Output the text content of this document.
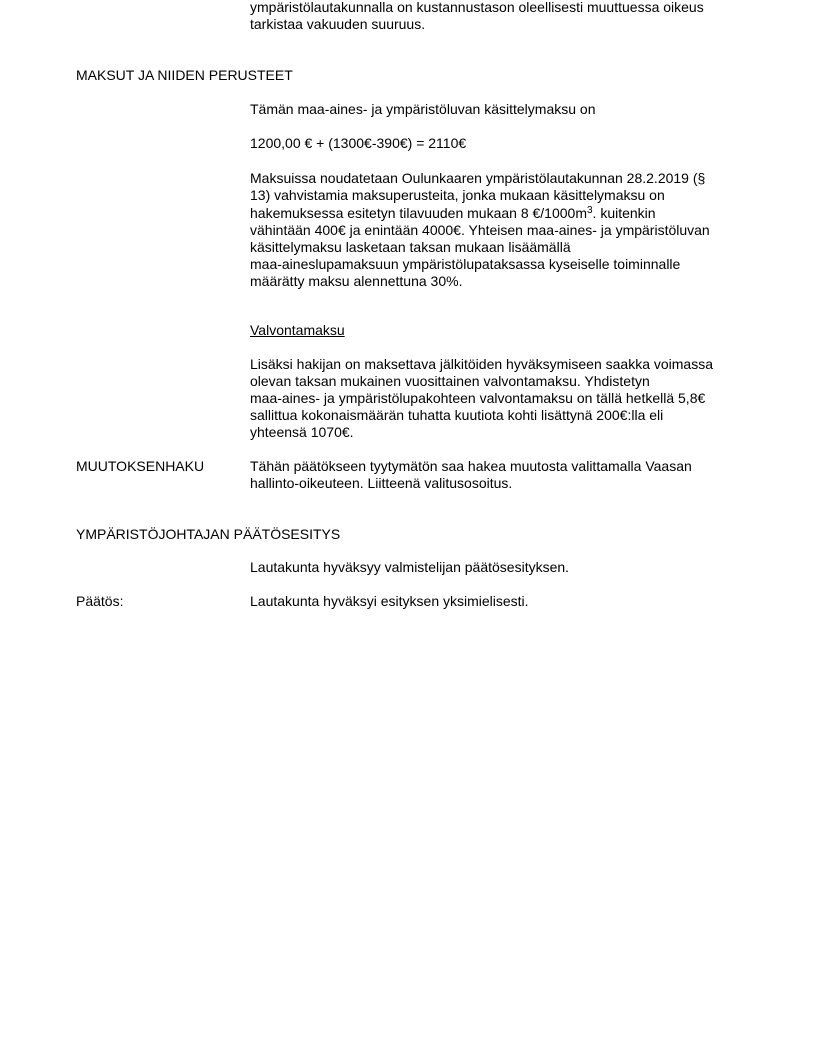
ympäristölautakunnalla on kustannustason oleellisesti muuttuessa oikeus
tarkistaa vakuuden suuruus.
MAKSUT JA NIIDEN PERUSTEET
Tämän maa-aines- ja ympäristöluvan käsittelymaksu on
1200,00 € + (1300€-390€) = 2110€
Maksuissa noudatetaan Oulunkaaren ympäristölautakunnan 28.2.2019 (§
13) vahvistamia maksuperusteita, jonka mukaan käsittelymaksu on
hakemuksessa esitetyn tilavuuden mukaan 8 $€/1000m^3$. kuitenkin
vähintään 400€ ja enintään 4000€. Yhteisen maa-aines- ja ympäristöluvan
käsittelymaksu lasketaan taksan mukaan lisäämällä
maa-aineslupamaksuun ympäristölupataksassa kyseiselle toiminnalle
määrätty maksu alennettuna 30%.
Valvontamaksu
Lisäksi hakijan on maksettava jälkitöiden hyväksymiseen saakka voimassa
olevan taksan mukainen vuosittainen valvontamaksu. Yhdistetyn
maa-aines- ja ympäristölupakohteen valvontamaksu on tällä hetkellä 5,8€
sallittua kokonaismäärän tuhatta kuutiota kohti lisättynä 200€:lla eli
yhteensä 1070€.
MUUTOKSENHAKU	Tähän päätökseen tyytymätön saa hakea muutosta valittamalla Vaasan
hallinto-oikeuteen. Liitteenä valitusosoitus.
YMPÄRISTÖJOHTAJAN PÄÄTÖSESITYS
Lautakunta hyväksyy valmistelijan päätösesityksen.
Päätös:	Lautakunta hyväksyi esityksen yksimielisesti.
